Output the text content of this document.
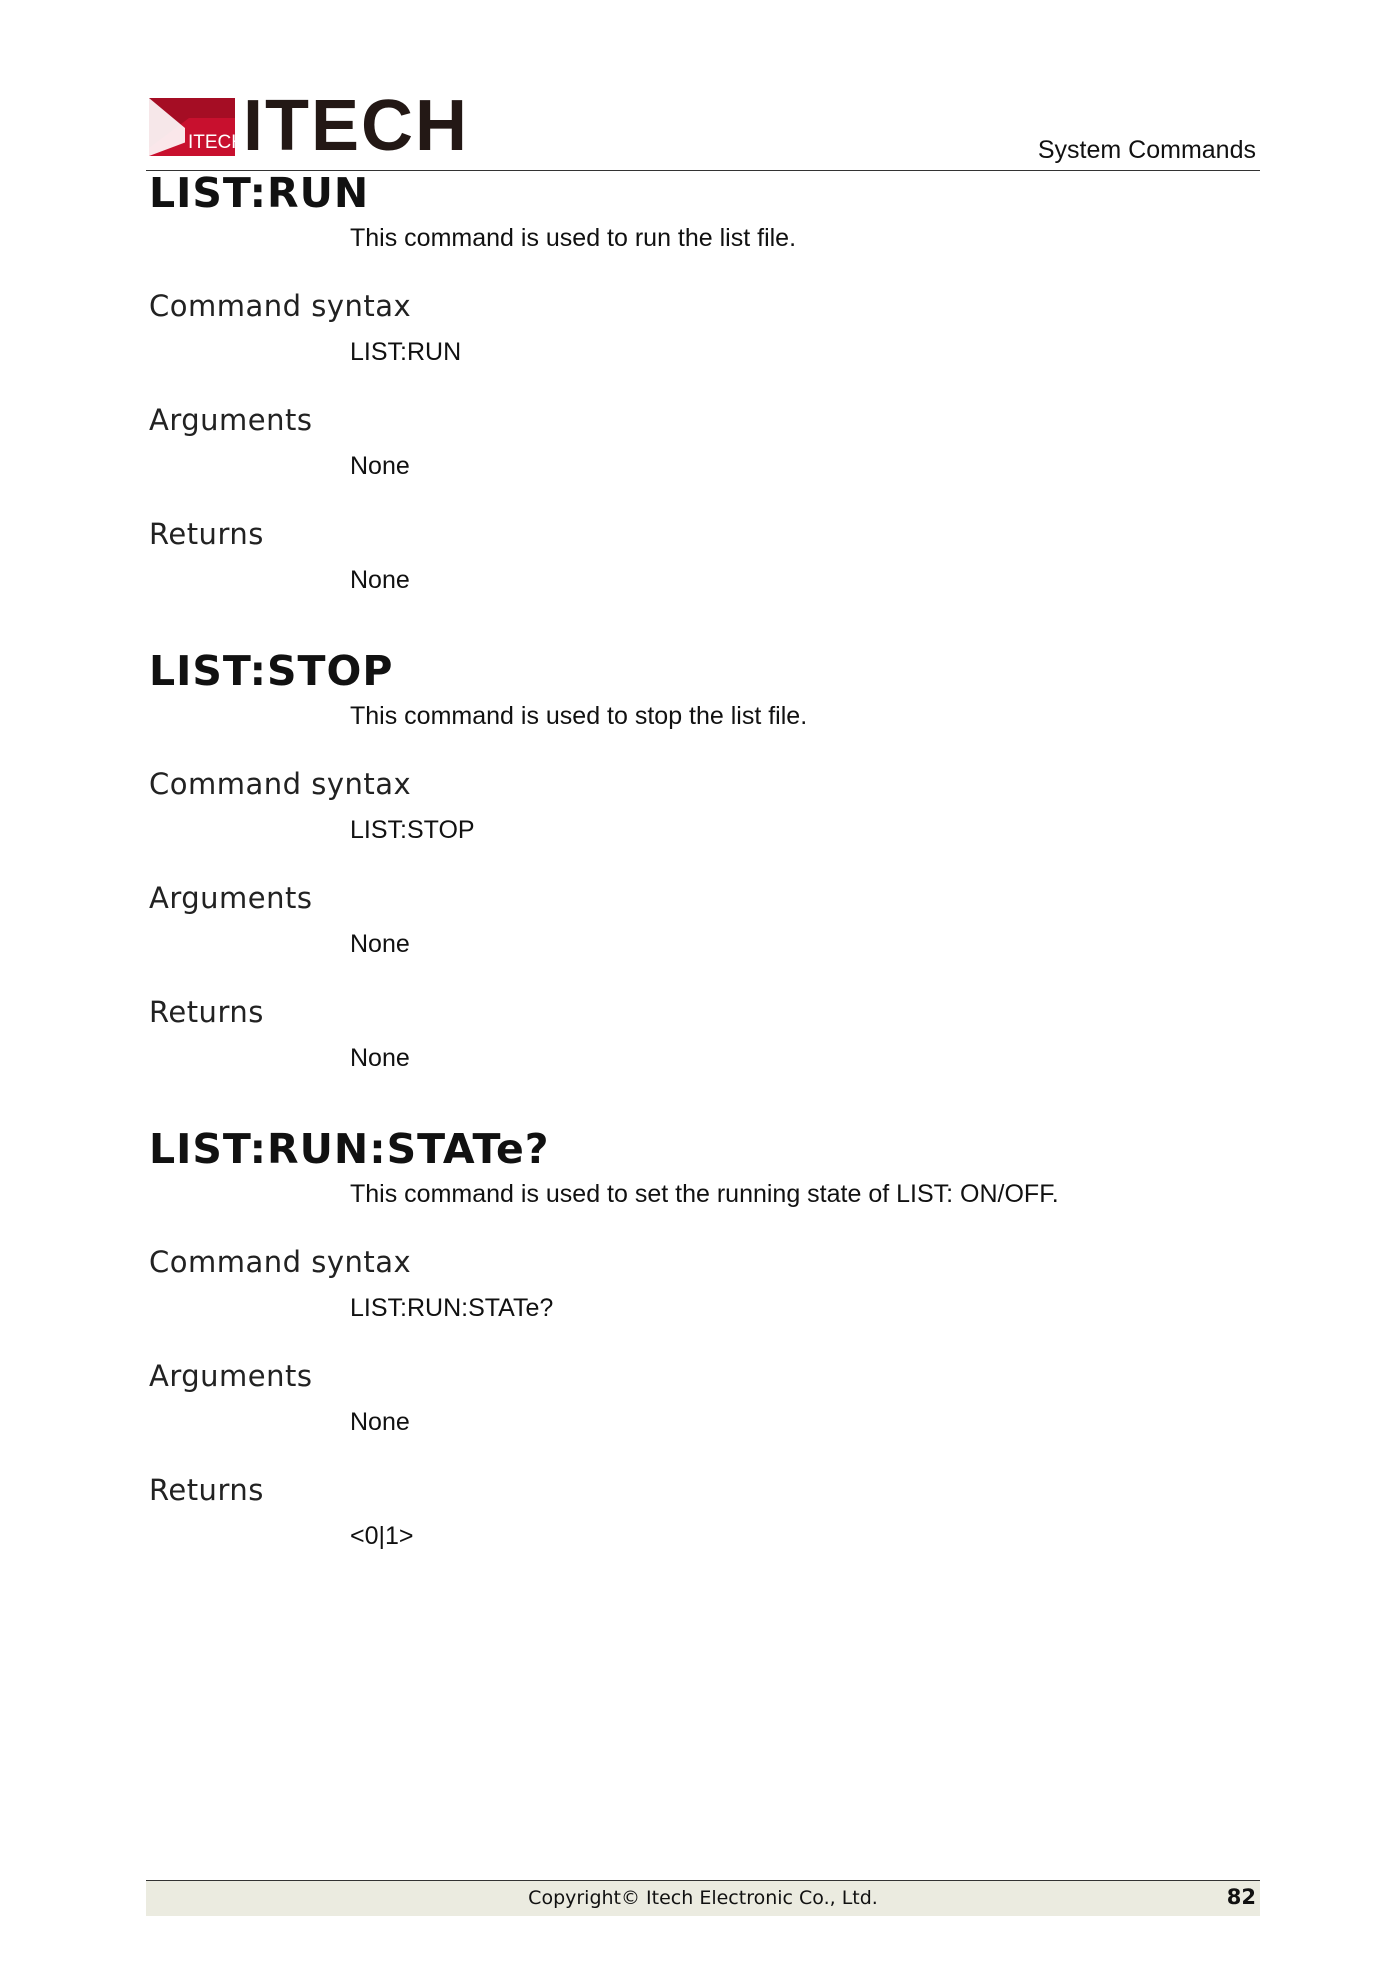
ITECH
ITECH	System Commands
LIST:RUN

This command is used to run the list file.

Command syntax

LIST:RUN

Arguments

None

Returns

None

LIST:STOP

This command is used to stop the list file.

Command syntax

LIST:STOP

Arguments

None

Returns

None

LIST:RUN:STATe?

This command is used to set the running state of LIST: ON/OFF.

Command syntax

LIST:RUN:STATe?

Arguments

None

Returns

<0|1>

Copyright© Itech Electronic Co., Ltd.	82
